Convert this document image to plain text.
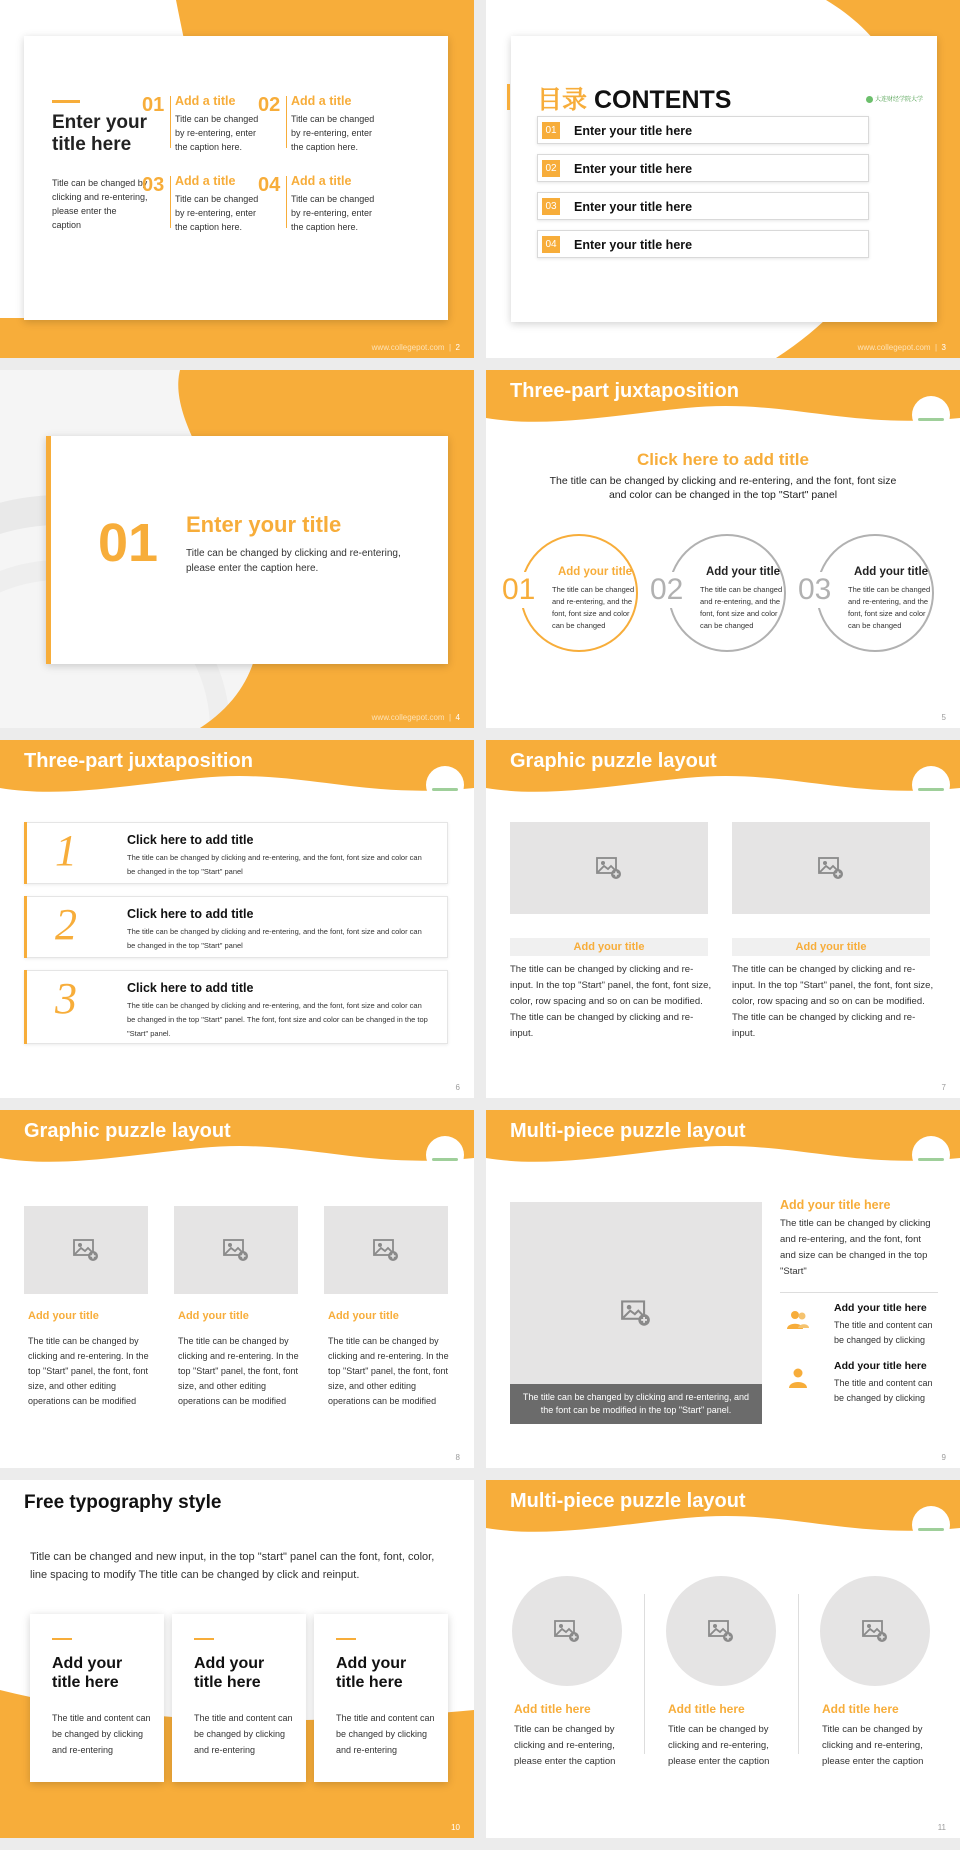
Enter your
title here
Title can be changed by clicking and re-entering, please enter the caption
01 Add a title
Title can be changed by re-entering, enter the caption here.
02 Add a title
Title can be changed by re-entering, enter the caption here.
03 Add a title
Title can be changed by re-entering, enter the caption here.
04 Add a title
Title can be changed by re-entering, enter the caption here.
www.collegepot.com  |  2
目录 CONTENTS	大连财经学院大学
01 Enter your title here
02 Enter your title here
03 Enter your title here
04 Enter your title here
www.collegepot.com  |  3
01 Enter your title
Title can be changed by clicking and re-entering, please enter the caption here.
www.collegepot.com  |  4
Three-part juxtaposition
Click here to add title
The title can be changed by clicking and re-entering, and the font, font size and color can be changed in the top "Start" panel
01
Add your title
The title can be changed and re-entering, and the font, font size and color can be changed
02
Add your title
The title can be changed and re-entering, and the font, font size and color can be changed
03
Add your title
The title can be changed and re-entering, and the font, font size and color can be changed
5
Three-part juxtaposition
1	Click here to add title
The title can be changed by clicking and re-entering, and the font, font size and color can be changed in the top "Start" panel
2	Click here to add title
The title can be changed by clicking and re-entering, and the font, font size and color can be changed in the top "Start" panel
3	Click here to add title
The title can be changed by clicking and re-entering, and the font, font size and color can be changed in the top "Start" panel. The font, font size and color can be changed in the top "Start" panel.
6
Graphic puzzle layout
Add your title
The title can be changed by clicking and re-input. In the top "Start" panel, the font, font size, color, row spacing and so on can be modified. The title can be changed by clicking and re-input.
Add your title
The title can be changed by clicking and re-input. In the top "Start" panel, the font, font size, color, row spacing and so on can be modified. The title can be changed by clicking and re-input.
7
Graphic puzzle layout
Add your title
The title can be changed by clicking and re-entering. In the top "Start" panel, the font, font size, and other editing operations can be modified
Add your title
The title can be changed by clicking and re-entering. In the top "Start" panel, the font, font size, and other editing operations can be modified
Add your title
The title can be changed by clicking and re-entering. In the top "Start" panel, the font, font size, and other editing operations can be modified
8
Multi-piece puzzle layout
The title can be changed by clicking and re-entering, and the font can be modified in the top "Start" panel.
Add your title here
The title can be changed by clicking and re-entering, and the font, font and size can be changed in the top "Start"
Add your title here
The title and content can be changed by clicking
Add your title here
The title and content can be changed by clicking
9
Free typography style
Title can be changed and new input, in the top "start" panel can the font, font, color, line spacing to modify The title can be changed by click and reinput.
Add your
title here
The title and content can be changed by clicking and re-entering
Add your
title here
The title and content can be changed by clicking and re-entering
Add your
title here
The title and content can be changed by clicking and re-entering
10
Multi-piece puzzle layout
Add title here
Title can be changed by clicking and re-entering, please enter the caption
Add title here
Title can be changed by clicking and re-entering, please enter the caption
Add title here
Title can be changed by clicking and re-entering, please enter the caption
11
